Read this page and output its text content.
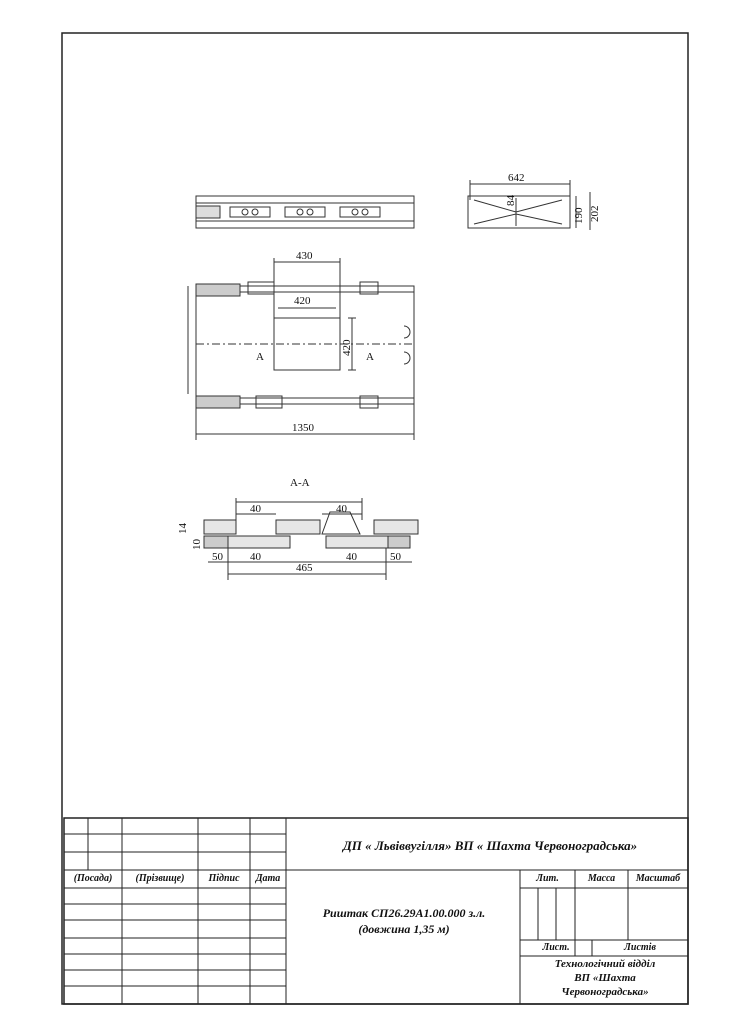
642
84
190 202
430
420
420
A	A
1350
A-A
40	40
40	40
14
10
50	50
465
ДП « Львіввугілля» ВП « Шахта Червоноградська»
(Посада)	(Прізвище)	Підпис	Дата
Риштак СП26.29А1.00.000 з.л.
(довжина 1,35 м)
Лит.	Масса	Масштаб
Лист.	Листів
Технологічний відділ
ВП «Шахта
Червоноградська»
